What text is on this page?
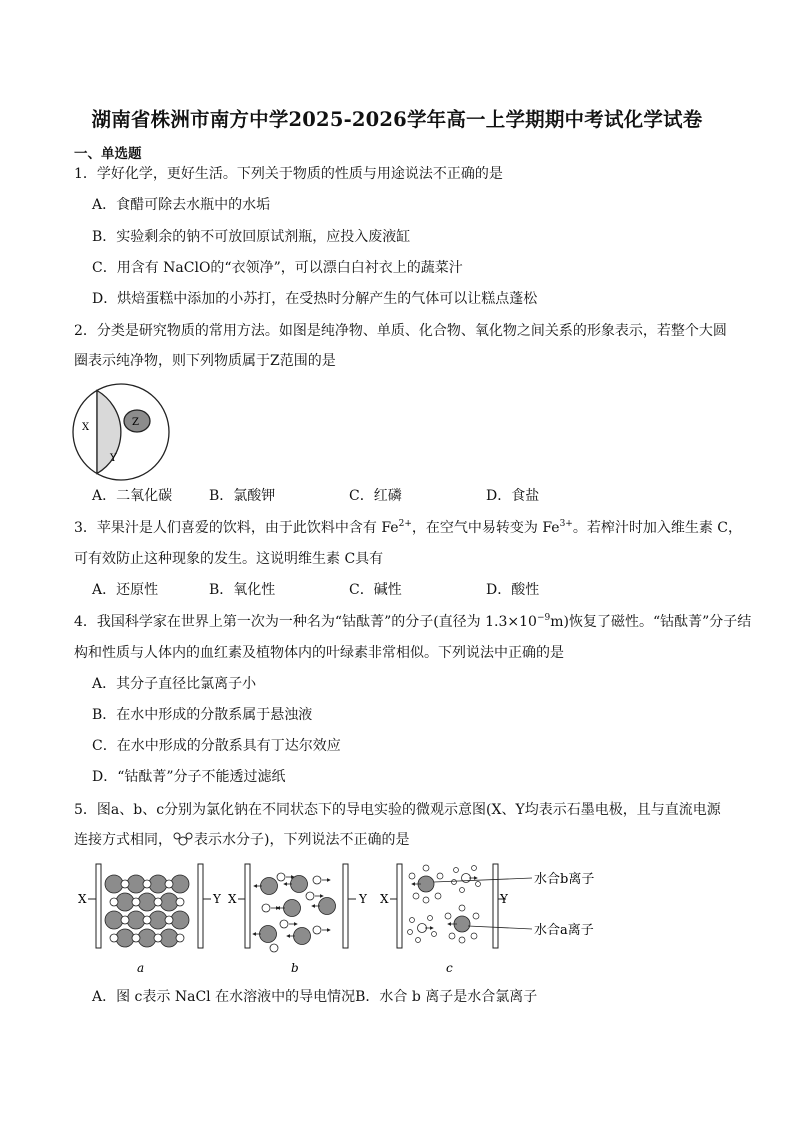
湖南省株洲市南方中学2025-2026学年高一上学期期中考试化学试卷
一、单选题
1．学好化学，更好生活。下列关于物质的性质与用途说法不正确的是
A．食醋可除去水瓶中的水垢
B．实验剩余的钠不可放回原试剂瓶，应投入废液缸
C．用含有 NaClO的“衣领净”，可以漂白白衬衣上的蔬菜汁
D．烘焙蛋糕中添加的小苏打，在受热时分解产生的气体可以让糕点蓬松
2．分类是研究物质的常用方法。如图是纯净物、单质、化合物、氧化物之间关系的形象表示，若整个大圆
圈表示纯净物，则下列物质属于Z范围的是
X
Y
Z
A．二氧化碳	B．氯酸钾	C．红磷	D．食盐
3．苹果汁是人们喜爱的饮料，由于此饮料中含有 $Fe^{2+}$，在空气中易转变为 $Fe^{3+}$。若榨汁时加入维生素 C，
可有效防止这种现象的发生。这说明维生素 C具有
A．还原性	B．氧化性	C．碱性	D．酸性
4．我国科学家在世界上第一次为一种名为“钴酞菁”的分子(直径为 $1.3\times 10^{-9}m$)恢复了磁性。“钴酞菁”分子结
构和性质与人体内的血红素及植物体内的叶绿素非常相似。下列说法中正确的是
A．其分子直径比氯离子小
B．在水中形成的分散系属于悬浊液
C．在水中形成的分散系具有丁达尔效应
D．“钴酞菁”分子不能透过滤纸
5．图a、b、c分别为氯化钠在不同状态下的导电实验的微观示意图(X、Y均表示石墨电极，且与直流电源
连接方式相同， 表示水分子)，下列说法不正确的是
X	Y
a
X	Y
b
X	Y
水合b离子
水合a离子
c
A．图 c表示 NaCl 在水溶液中的导电情况B．水合 b 离子是水合氯离子
